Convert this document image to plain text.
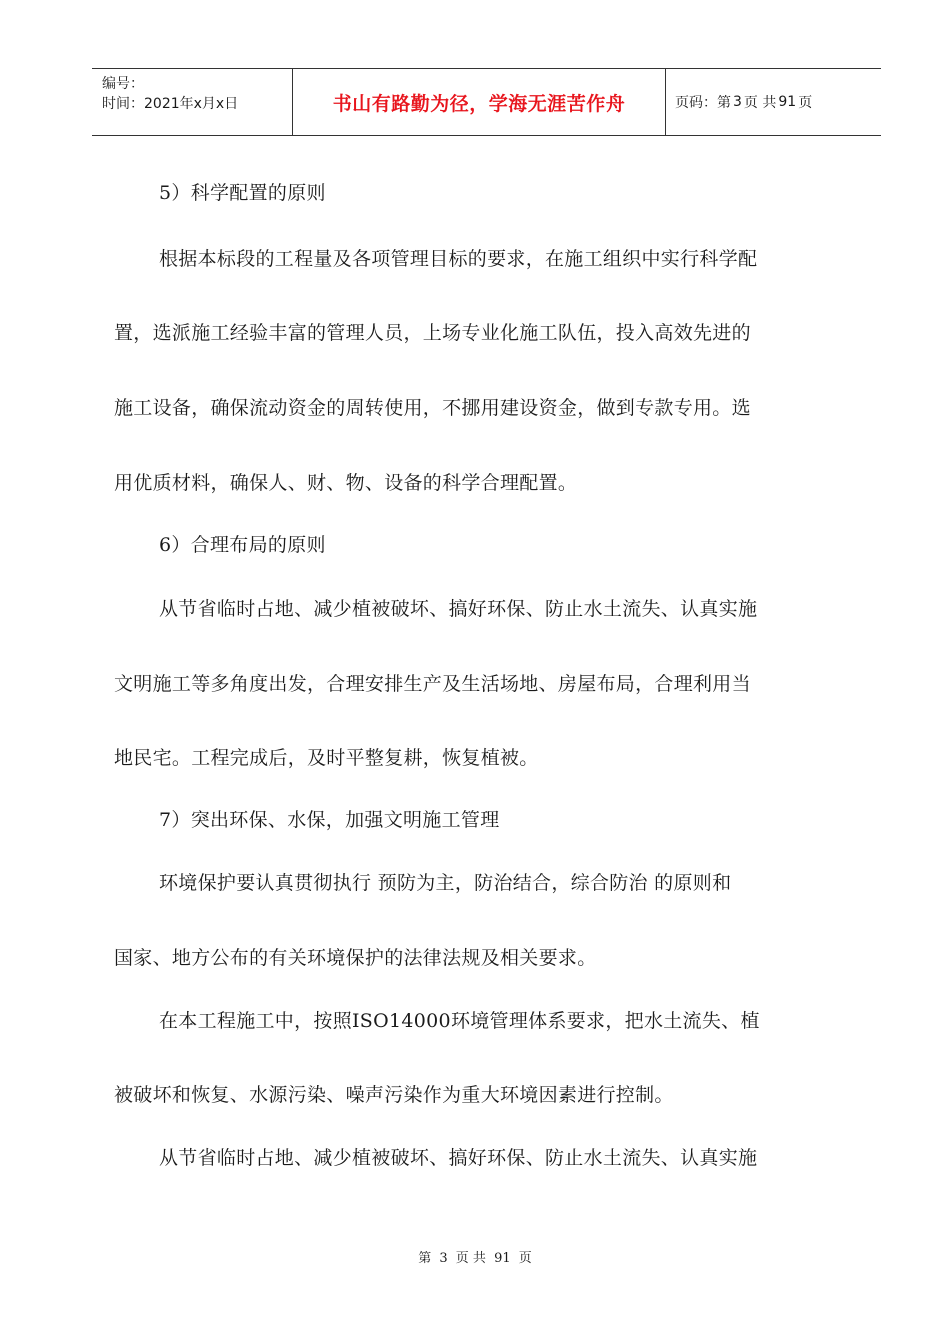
编号：
时间：2021年x月x日	书山有路勤为径，学海无涯苦作舟	页码：第 3 页 共 91 页
5）科学配置的原则
根据本标段的工程量及各项管理目标的要求，在施工组织中实行科学配
置，选派施工经验丰富的管理人员，上场专业化施工队伍，投入高效先进的
施工设备，确保流动资金的周转使用，不挪用建设资金，做到专款专用。选
用优质材料，确保人、财、物、设备的科学合理配置。
6）合理布局的原则
从节省临时占地、减少植被破坏、搞好环保、防止水土流失、认真实施
文明施工等多角度出发，合理安排生产及生活场地、房屋布局，合理利用当
地民宅。工程完成后，及时平整复耕，恢复植被。
7）突出环保、水保，加强文明施工管理
环境保护要认真贯彻执行 预防为主，防治结合，综合防治 的原则和
国家、地方公布的有关环境保护的法律法规及相关要求。
在本工程施工中，按照ISO14000环境管理体系要求，把水土流失、植
被破坏和恢复、水源污染、噪声污染作为重大环境因素进行控制。
从节省临时占地、减少植被破坏、搞好环保、防止水土流失、认真实施
第 3 页 共 91 页
